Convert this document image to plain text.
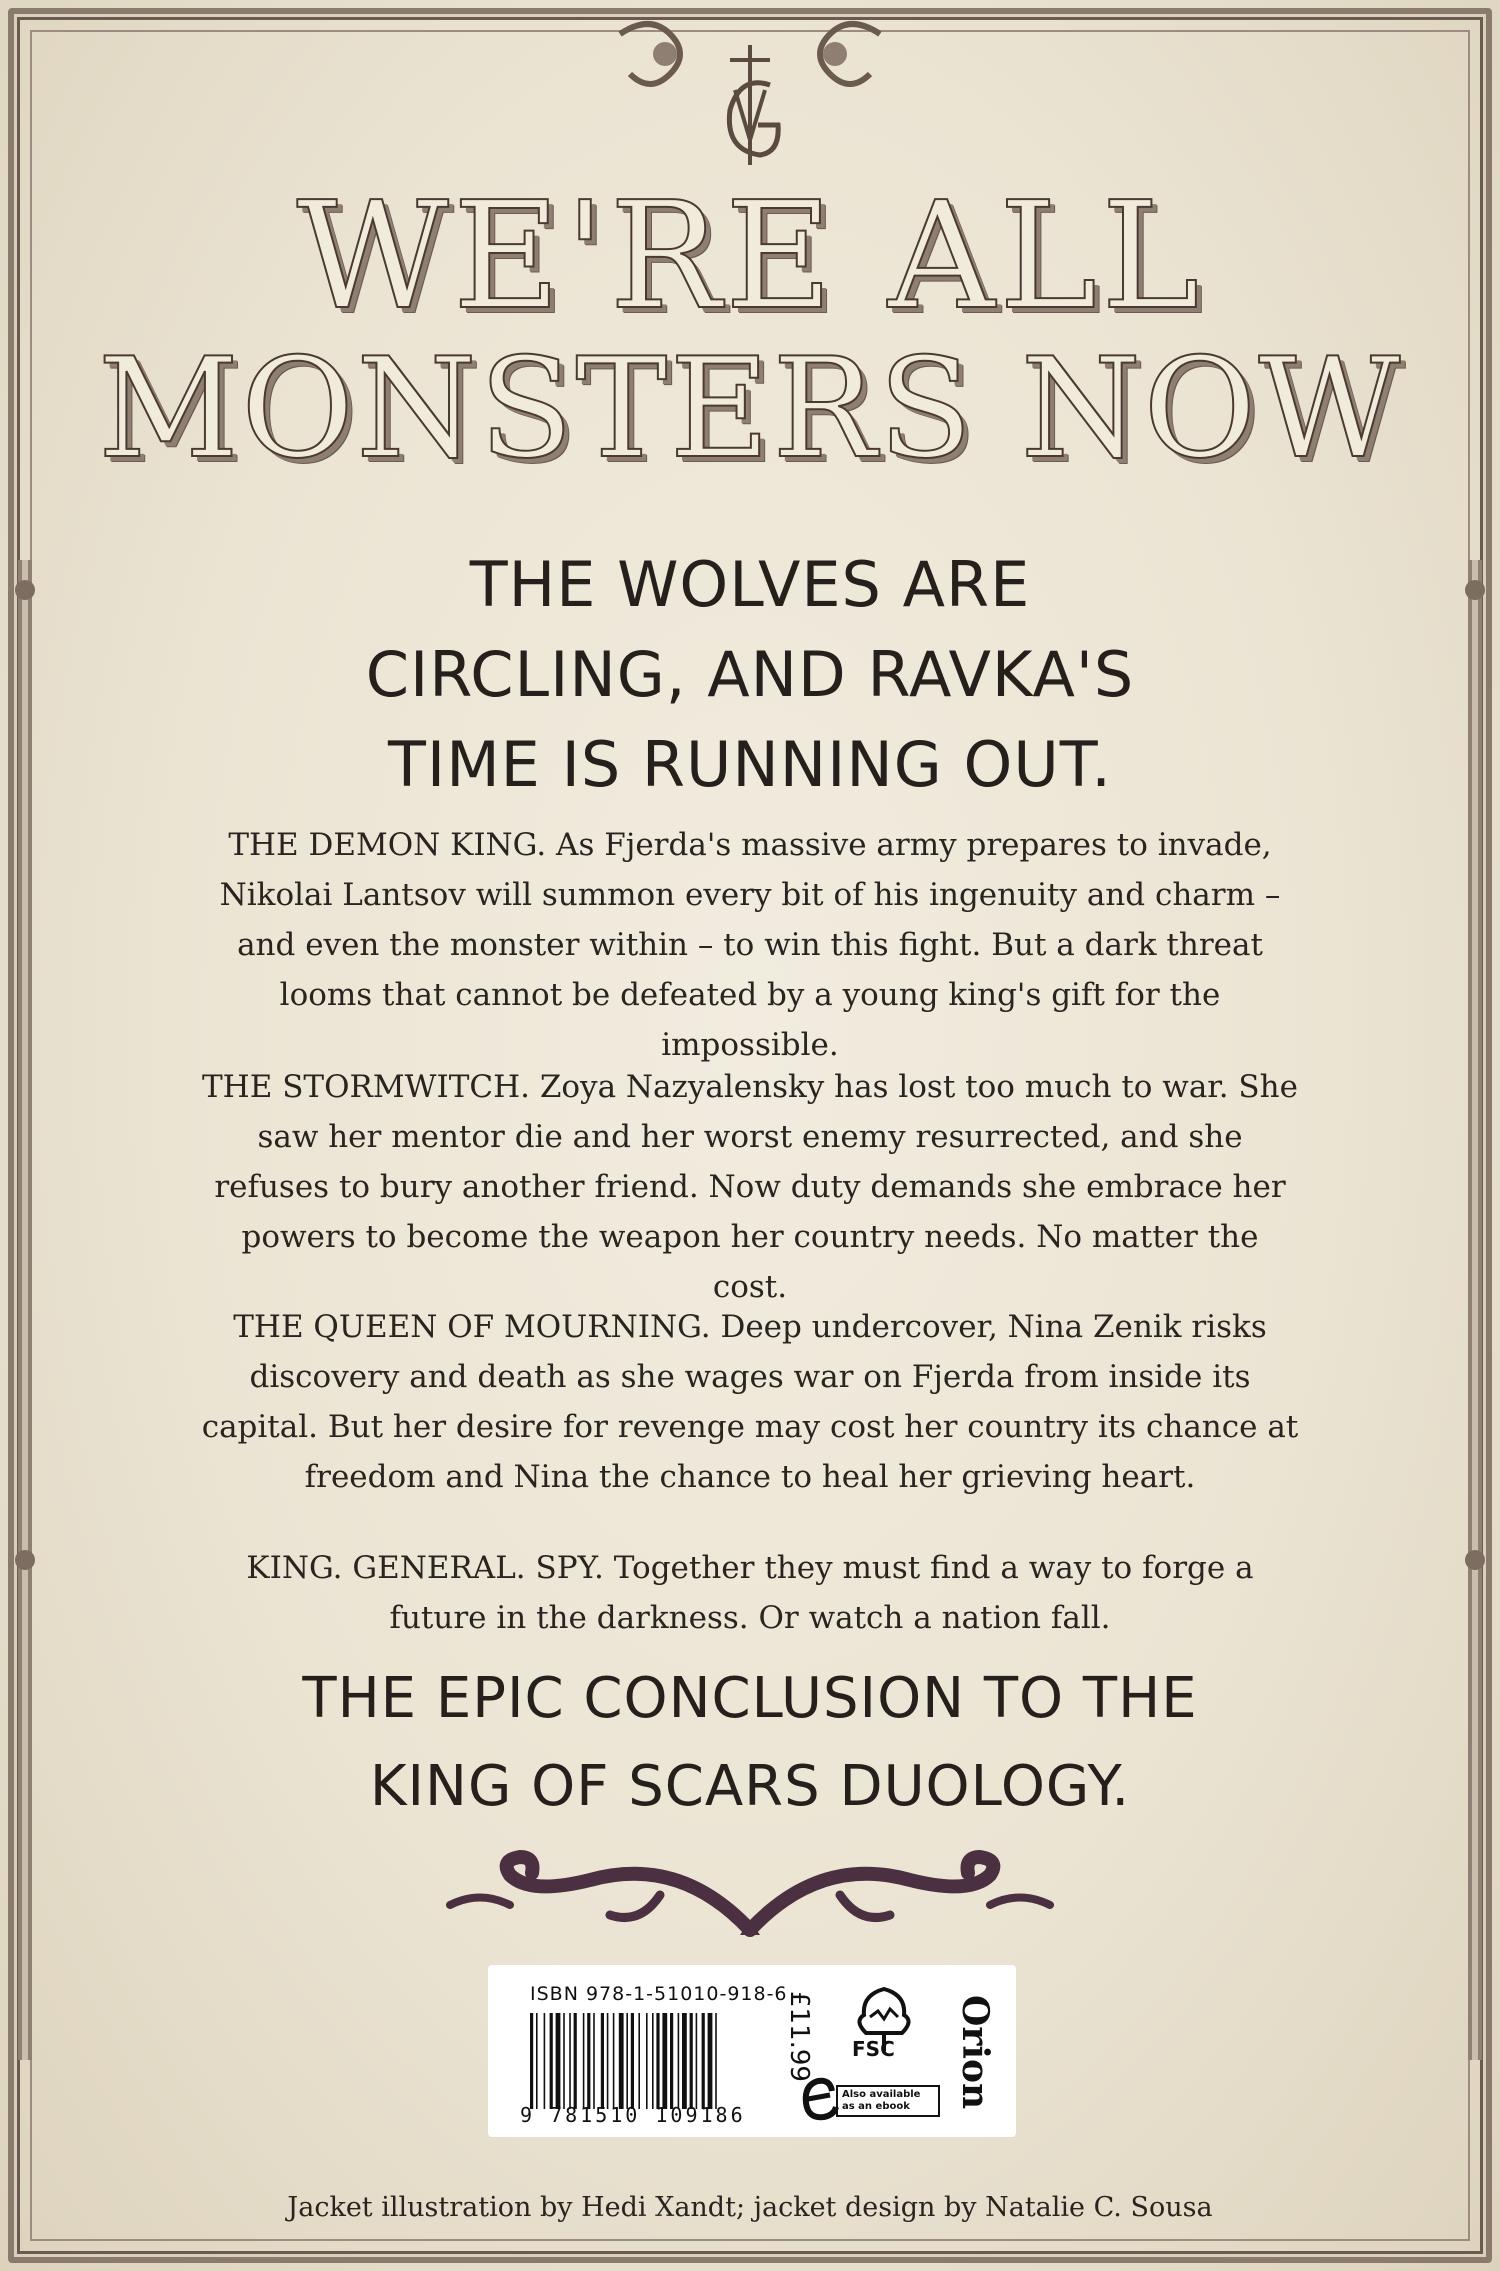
WE'RE ALL
MONSTERS NOW
THE WOLVES ARE
CIRCLING, AND RAVKA'S
TIME IS RUNNING OUT.

THE DEMON KING. As Fjerda's massive army prepares to invade, Nikolai Lantsov will summon every bit of his ingenuity and charm – and even the monster within – to win this fight. But a dark threat looms that cannot be defeated by a young king's gift for the impossible.

THE STORMWITCH. Zoya Nazyalensky has lost too much to war. She saw her mentor die and her worst enemy resurrected, and she refuses to bury another friend. Now duty demands she embrace her powers to become the weapon her country needs. No matter the cost.

THE QUEEN OF MOURNING. Deep undercover, Nina Zenik risks discovery and death as she wages war on Fjerda from inside its capital. But her desire for revenge may cost her country its chance at freedom and Nina the chance to heal her grieving heart.

KING. GENERAL. SPY. Together they must find a way to forge a future in the darkness. Or watch a nation fall.

THE EPIC CONCLUSION TO THE
KING OF SCARS DUOLOGY.
ISBN 978-1-51010-918-6
9 781510 109186
£11.99 FSC
Also available as an ebook	Orion
Jacket illustration by Hedi Xandt; jacket design by Natalie C. Sousa
